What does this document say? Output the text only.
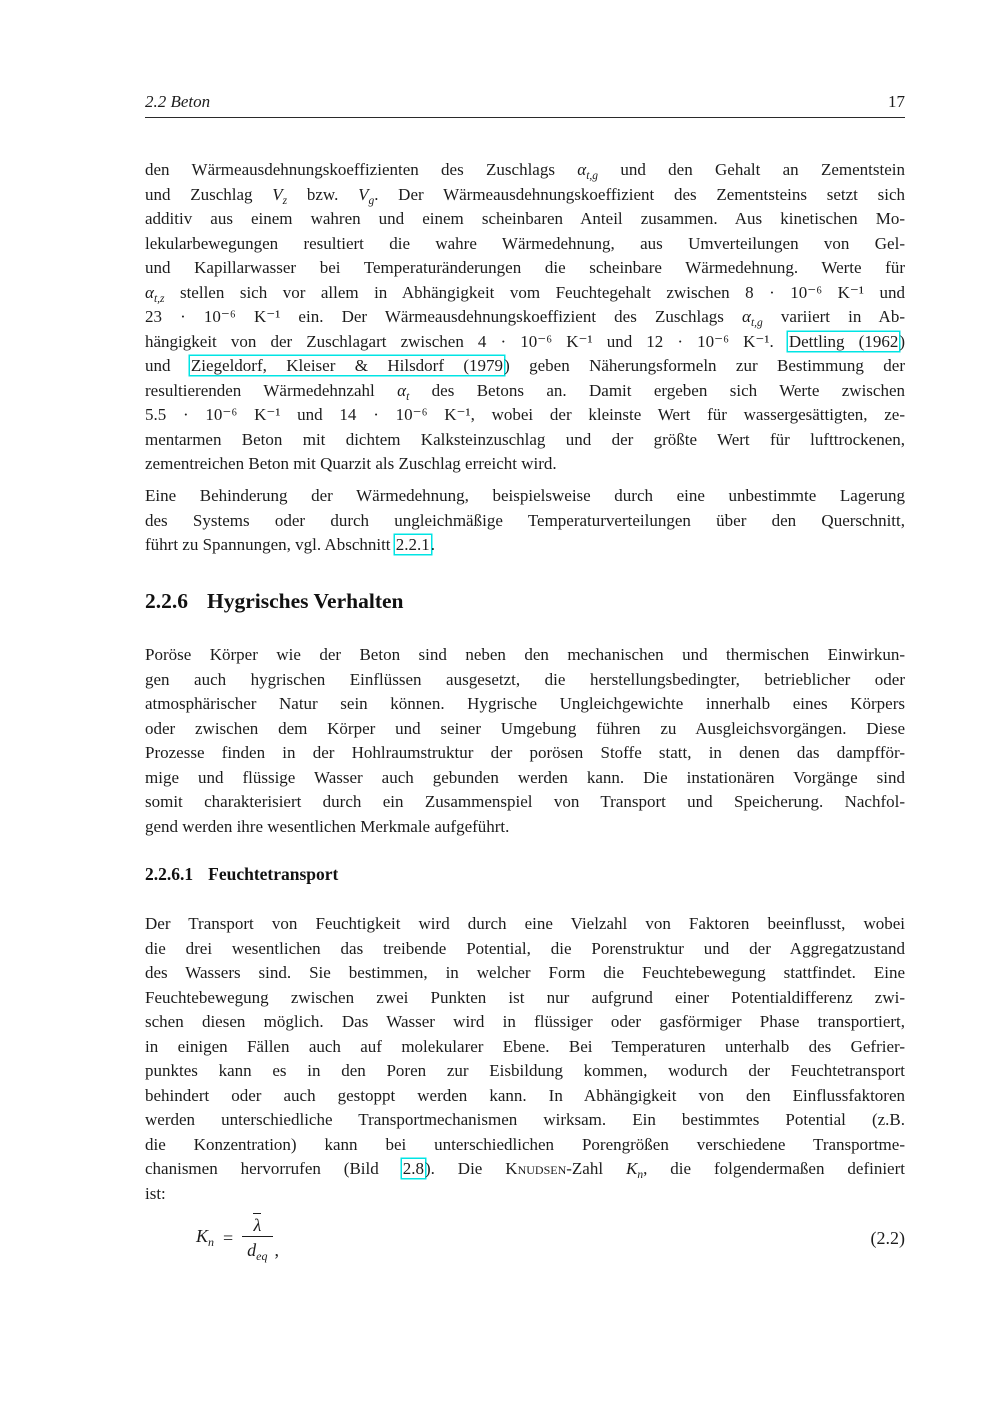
2.2 Beton	17
den Wärmeausdehnungskoeffizienten des Zuschlags $\alpha_{t,g}$ und den Gehalt an Zementstein
und Zuschlag $V_z$ bzw. $V_g$. Der Wärmeausdehnungskoeffizient des Zementsteins setzt sich
additiv aus einem wahren und einem scheinbaren Anteil zusammen. Aus kinetischen Mo-
lekularbewegungen resultiert die wahre Wärmedehnung, aus Umverteilungen von Gel-
und Kapillarwasser bei Temperaturänderungen die scheinbare Wärmedehnung. Werte für
$\alpha_{t,z}$ stellen sich vor allem in Abhängigkeit vom Feuchtegehalt zwischen 8 · 10⁻⁶ K⁻¹ und
23 · 10⁻⁶ K⁻¹ ein. Der Wärmeausdehnungskoeffizient des Zuschlags $\alpha_{t,g}$ variiert in Ab-
hängigkeit von der Zuschlagart zwischen 4 · 10⁻⁶ K⁻¹ und 12 · 10⁻⁶ K⁻¹. Dettling (1962)
und Ziegeldorf, Kleiser & Hilsdorf (1979) geben Näherungsformeln zur Bestimmung der
resultierenden Wärmedehnzahl $\alpha_t$ des Betons an. Damit ergeben sich Werte zwischen
5.5 · 10⁻⁶ K⁻¹ und 14 · 10⁻⁶ K⁻¹, wobei der kleinste Wert für wassergesättigten, ze-
mentarmen Beton mit dichtem Kalksteinzuschlag und der größte Wert für lufttrockenen,
zementreichen Beton mit Quarzit als Zuschlag erreicht wird.
Eine Behinderung der Wärmedehnung, beispielsweise durch eine unbestimmte Lagerung
des Systems oder durch ungleichmäßige Temperaturverteilungen über den Querschnitt,
führt zu Spannungen, vgl. Abschnitt 2.2.1.
2.2.6 Hygrisches Verhalten
Poröse Körper wie der Beton sind neben den mechanischen und thermischen Einwirkun-
gen auch hygrischen Einflüssen ausgesetzt, die herstellungsbedingter, betrieblicher oder
atmosphärischer Natur sein können. Hygrische Ungleichgewichte innerhalb eines Körpers
oder zwischen dem Körper und seiner Umgebung führen zu Ausgleichsvorgängen. Diese
Prozesse finden in der Hohlraumstruktur der porösen Stoffe statt, in denen das dampfför-
mige und flüssige Wasser auch gebunden werden kann. Die instationären Vorgänge sind
somit charakterisiert durch ein Zusammenspiel von Transport und Speicherung. Nachfol-
gend werden ihre wesentlichen Merkmale aufgeführt.
2.2.6.1 Feuchtetransport
Der Transport von Feuchtigkeit wird durch eine Vielzahl von Faktoren beeinflusst, wobei
die drei wesentlichen das treibende Potential, die Porenstruktur und der Aggregatzustand
des Wassers sind. Sie bestimmen, in welcher Form die Feuchtebewegung stattfindet. Eine
Feuchtebewegung zwischen zwei Punkten ist nur aufgrund einer Potentialdifferenz zwi-
schen diesen möglich. Das Wasser wird in flüssiger oder gasförmiger Phase transportiert,
in einigen Fällen auch auf molekularer Ebene. Bei Temperaturen unterhalb des Gefrier-
punktes kann es in den Poren zur Eisbildung kommen, wodurch der Feuchtetransport
behindert oder auch gestoppt werden kann. In Abhängigkeit von den Einflussfaktoren
werden unterschiedliche Transportmechanismen wirksam. Ein bestimmtes Potential (z.B.
die Konzentration) kann bei unterschiedlichen Porengrößen verschiedene Transportme-
chanismen hervorrufen (Bild 2.8). Die Knudsen-Zahl $K_n$, die folgendermaßen definiert
ist:
$K_n = \frac{\lambda}{d_{eq}}$ ,
(2.2)
